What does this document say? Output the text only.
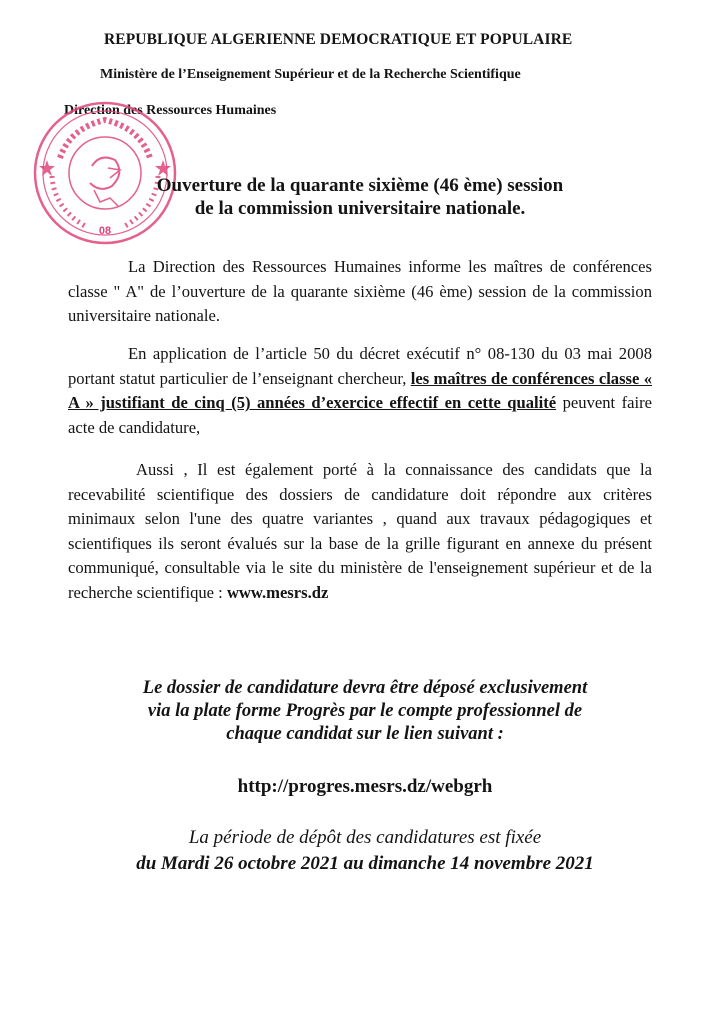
REPUBLIQUE ALGERIENNE DEMOCRATIQUE ET POPULAIRE
Ministère de l’Enseignement Supérieur et de la Recherche Scientifique
Direction des Ressources Humaines
08
Ouverture de la quarante sixième (46 ème) session
de la commission universitaire nationale.

La Direction des Ressources Humaines informe les maîtres de conférences classe " A" de l’ouverture de la quarante sixième (46 ème) session de la commission universitaire nationale.

En application de l’article 50 du décret exécutif n° 08-130 du 03 mai 2008 portant statut particulier de l’enseignant chercheur, les maîtres de conférences classe « A » justifiant de cinq (5) années d’exercice effectif en cette qualité peuvent faire acte de candidature,

Aussi , Il est également porté à la connaissance des candidats que la recevabilité scientifique des dossiers de candidature doit répondre aux critères minimaux selon l'une des quatre variantes , quand aux travaux pédagogiques et scientifiques ils seront évalués sur la base de la grille figurant en annexe du présent communiqué, consultable via le site du ministère de l'enseignement supérieur et de la recherche scientifique : www.mesrs.dz

Le dossier de candidature devra être déposé exclusivement
via la plate forme Progrès par le compte professionnel de
chaque candidat sur le lien suivant :
http://progres.mesrs.dz/webgrh
La période de dépôt des candidatures est fixée
du Mardi 26 octobre 2021 au dimanche 14 novembre 2021
